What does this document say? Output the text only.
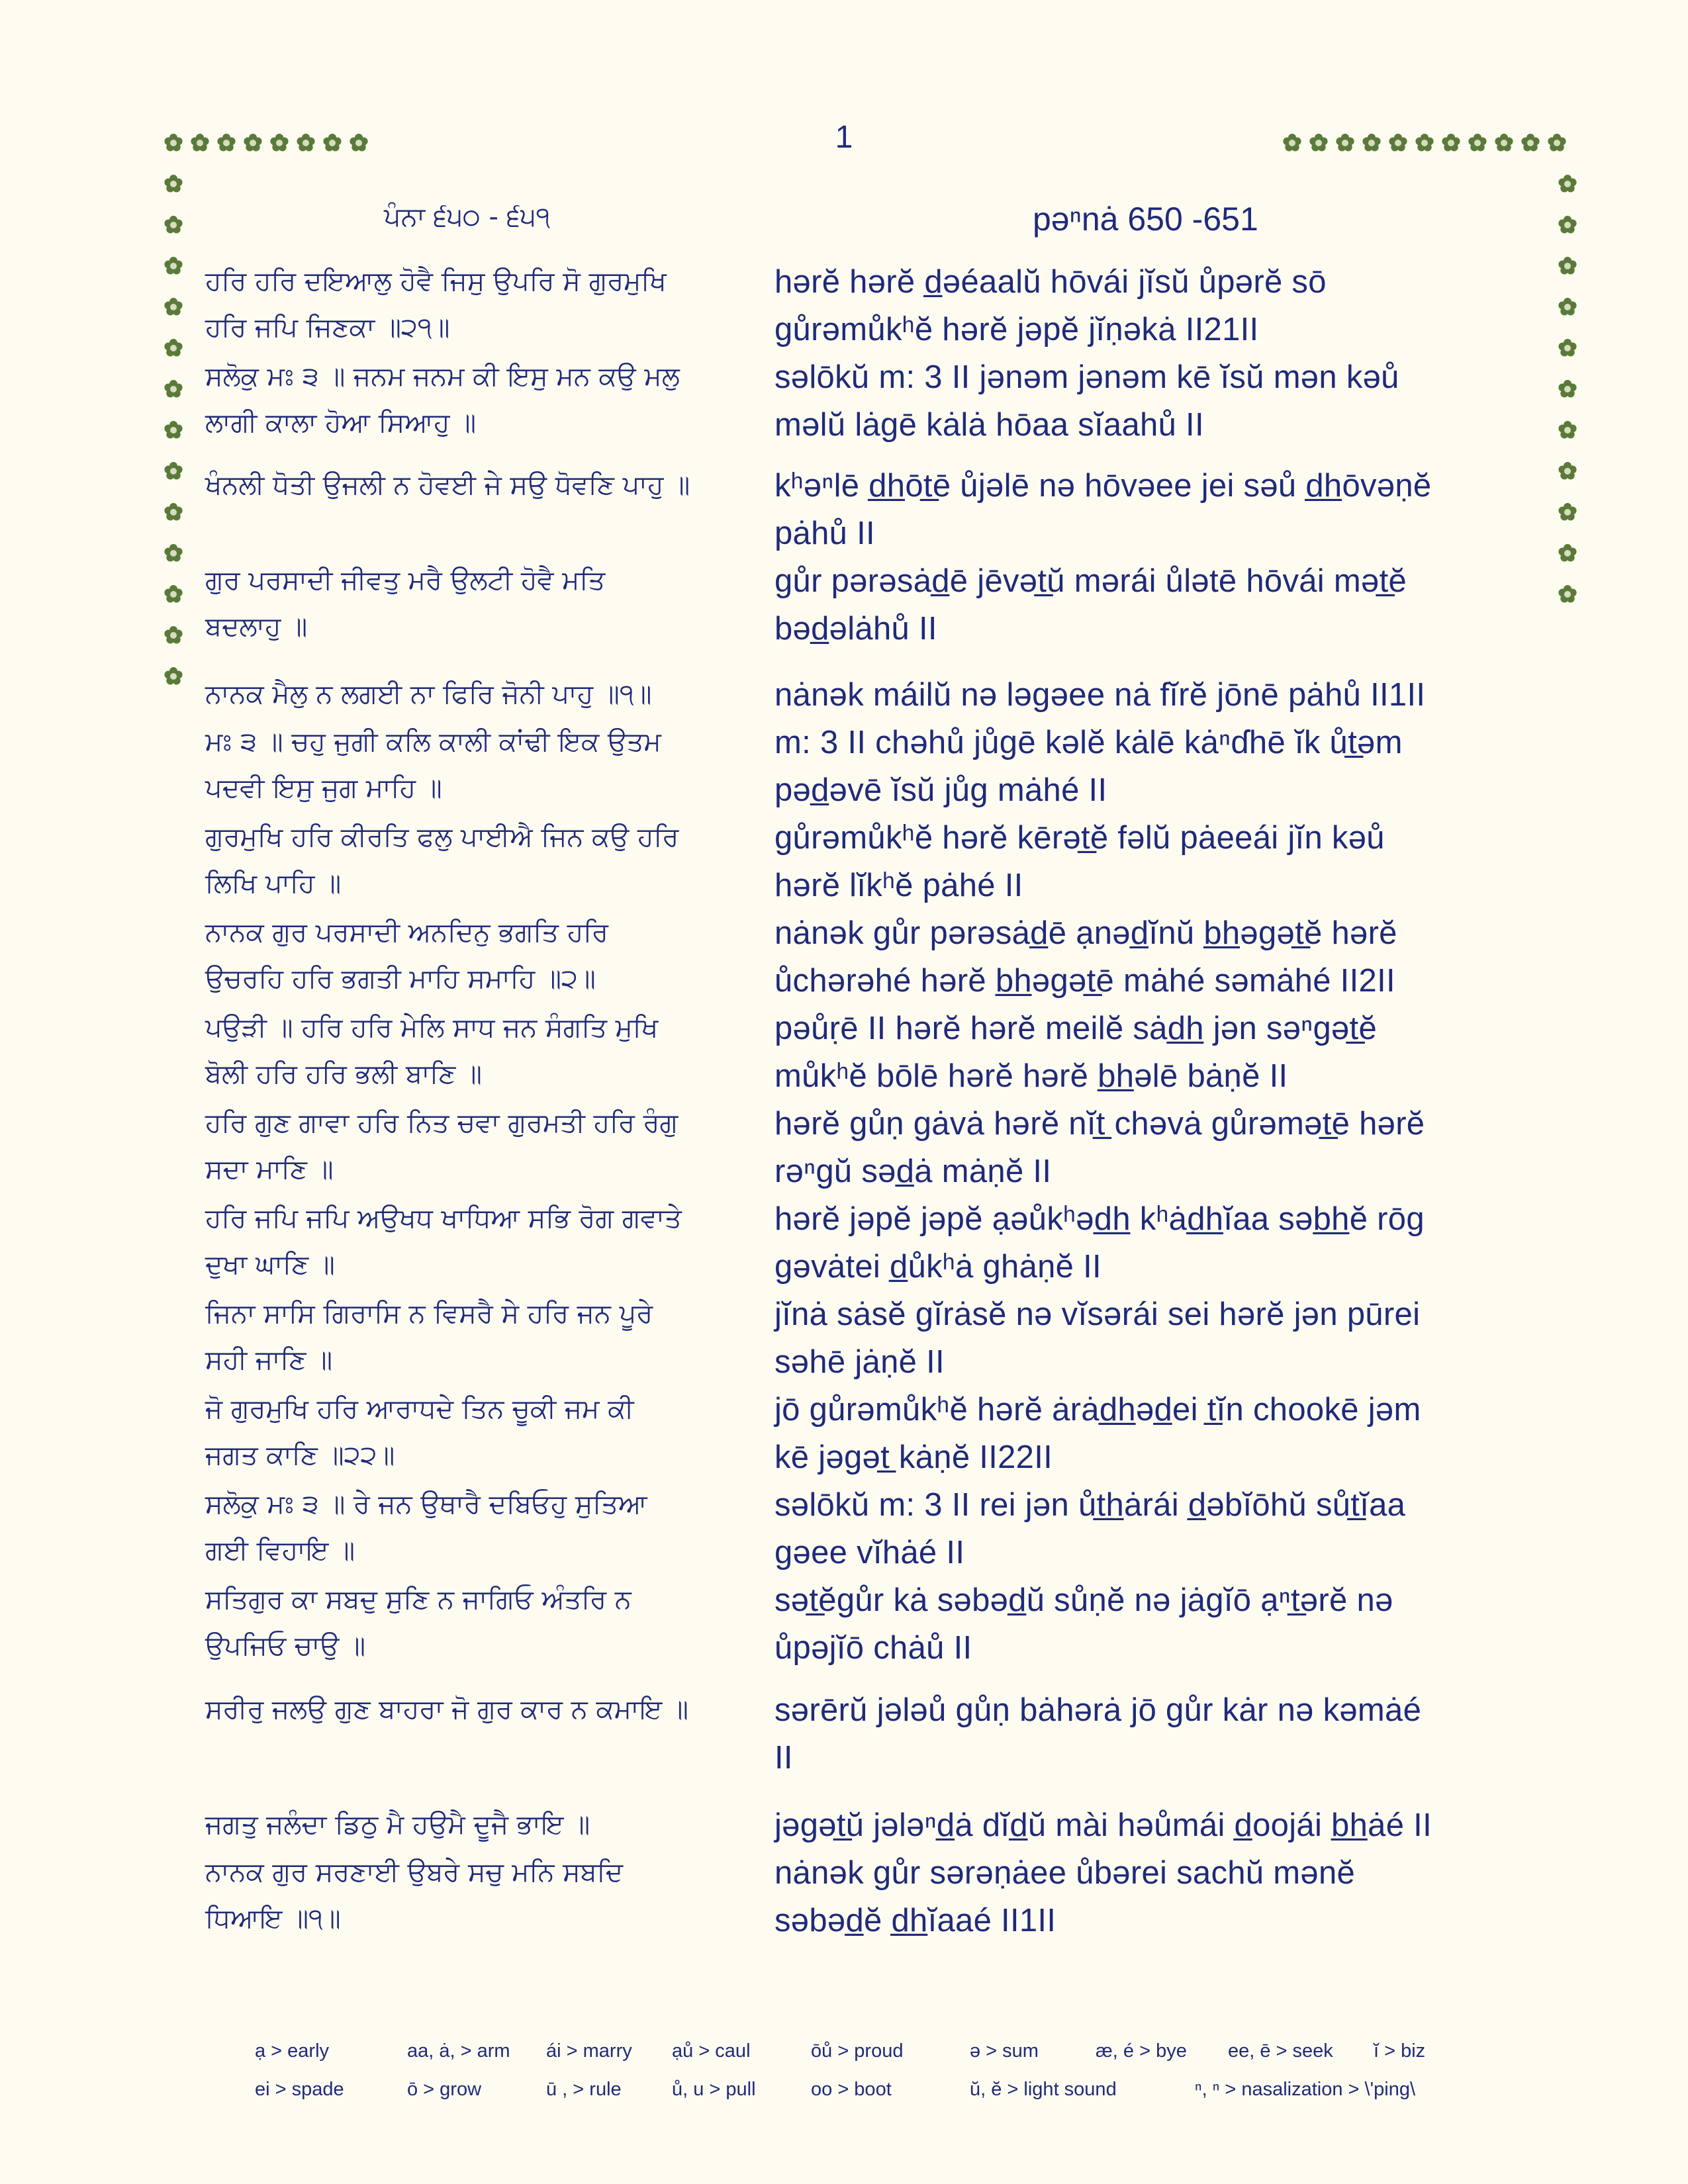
1
ਪੰਨਾ ੬੫੦ - ੬੫੧	pəⁿnȧ 650 -651
ਹਰਿ ਹਰਿ ਦਇਆਲੁ ਹੋਵੈ ਜਿਸੁ ਉਪਰਿ ਸੋ ਗੁਰਮੁਖਿ
ਹਰਿ ਜਪਿ ਜਿਣਕਾ ॥੨੧॥
hərĕ hərĕ d̲əéaalŭ hōvái jĭsŭ ůpərĕ sō
gůrəmůkʰĕ hərĕ jəpĕ jĭṇəkȧ II21II
ਸਲੋਕੁ ਮਃ ੩ ॥ ਜਨਮ ਜਨਮ ਕੀ ਇਸੁ ਮਨ ਕਉ ਮਲੁ
ਲਾਗੀ ਕਾਲਾ ਹੋਆ ਸਿਆਹੁ ॥
səlōkŭ m: 3 II jənəm jənəm kē ĭsŭ mən kəů
məlŭ lȧgē kȧlȧ hōaa sĭaahů II
ਖੰਨਲੀ ਧੋਤੀ ਉਜਲੀ ਨ ਹੋਵਈ ਜੇ ਸਉ ਧੋਵਣਿ ਪਾਹੁ ॥	kʰəⁿlē d̲h̲ōt̲ē ůjəlē nə hōvəee jei səů d̲h̲ōvəṇĕ
pȧhů II
ਗੁਰ ਪਰਸਾਦੀ ਜੀਵਤੁ ਮਰੈ ਉਲਟੀ ਹੋਵੈ ਮਤਿ
ਬਦਲਾਹੁ ॥
gůr pərəsȧd̲ē jēvət̲ŭ mərái ůlətē hōvái mət̲ĕ
bəd̲əlȧhů II
ਨਾਨਕ ਮੈਲੁ ਨ ਲਗਈ ਨਾ ਫਿਰਿ ਜੋਨੀ ਪਾਹੁ ॥੧॥	nȧnək máilŭ nə ləgəee nȧ fĭrĕ jōnē pȧhů II1II
ਮਃ ੩ ॥ ਚਹੁ ਜੁਗੀ ਕਲਿ ਕਾਲੀ ਕਾਂਢੀ ਇਕ ਉਤਮ
ਪਦਵੀ ਇਸੁ ਜੁਗ ਮਾਹਿ ॥
m: 3 II chəhů jůgē kəlĕ kȧlē kȧⁿɗhē ĭk ůt̲əm
pəd̲əvē ĭsŭ jůg mȧhé II
ਗੁਰਮੁਖਿ ਹਰਿ ਕੀਰਤਿ ਫਲੁ ਪਾਈਐ ਜਿਨ ਕਉ ਹਰਿ
ਲਿਖਿ ਪਾਹਿ ॥
gůrəmůkʰĕ hərĕ kērət̲ĕ fəlŭ pȧeeái jĭn kəů
hərĕ lĭkʰĕ pȧhé II
ਨਾਨਕ ਗੁਰ ਪਰਸਾਦੀ ਅਨਦਿਨੁ ਭਗਤਿ ਹਰਿ
ਉਚਰਹਿ ਹਰਿ ਭਗਤੀ ਮਾਹਿ ਸਮਾਹਿ ॥੨॥
nȧnək gůr pərəsȧd̲ē ạnəd̲ĭnŭ b̲h̲əgət̲ĕ hərĕ
ůchərəhé hərĕ b̲h̲əgət̲ē mȧhé səmȧhé II2II
ਪਉੜੀ ॥ ਹਰਿ ਹਰਿ ਮੇਲਿ ਸਾਧ ਜਨ ਸੰਗਤਿ ਮੁਖਿ
ਬੋਲੀ ਹਰਿ ਹਰਿ ਭਲੀ ਬਾਣਿ ॥
pəůṛē II hərĕ hərĕ meilĕ sȧd̲h̲ jən səⁿgət̲ĕ
můkʰĕ bōlē hərĕ hərĕ b̲h̲əlē bȧṇĕ II
ਹਰਿ ਗੁਣ ਗਾਵਾ ਹਰਿ ਨਿਤ ਚਵਾ ਗੁਰਮਤੀ ਹਰਿ ਰੰਗੁ
ਸਦਾ ਮਾਣਿ ॥
hərĕ gůṇ gȧvȧ hərĕ nĭt̲ chəvȧ gůrəmət̲ē hərĕ
rəⁿgŭ səd̲ȧ mȧṇĕ II
ਹਰਿ ਜਪਿ ਜਪਿ ਅਉਖਧ ਖਾਧਿਆ ਸਭਿ ਰੋਗ ਗਵਾਤੇ
ਦੁਖਾ ਘਾਣਿ ॥
hərĕ jəpĕ jəpĕ ạəůkʰəd̲h̲ kʰȧd̲h̲ĭaa səb̲h̲ĕ rōg
gəvȧtei d̲ůkʰȧ ghȧṇĕ II
ਜਿਨਾ ਸਾਸਿ ਗਿਰਾਸਿ ਨ ਵਿਸਰੈ ਸੇ ਹਰਿ ਜਨ ਪੂਰੇ
ਸਹੀ ਜਾਣਿ ॥
jĭnȧ sȧsĕ gĭrȧsĕ nə vĭsərái sei hərĕ jən pūrei
səhē jȧṇĕ II
ਜੋ ਗੁਰਮੁਖਿ ਹਰਿ ਆਰਾਧਦੇ ਤਿਨ ਚੂਕੀ ਜਮ ਕੀ
ਜਗਤ ਕਾਣਿ ॥੨੨॥
jō gůrəmůkʰĕ hərĕ ȧrȧd̲h̲əd̲ei t̲ĭn chookē jəm
kē jəgət̲ kȧṇĕ II22II
ਸਲੋਕੁ ਮਃ ੩ ॥ ਰੇ ਜਨ ਉਥਾਰੈ ਦਬਿਓਹੁ ਸੁਤਿਆ
ਗਈ ਵਿਹਾਇ ॥
səlōkŭ m: 3 II rei jən ůt̲h̲ȧrái d̲əbĭōhŭ sůt̲ĭaa
gəee vĭhȧé II
ਸਤਿਗੁਰ ਕਾ ਸਬਦੁ ਸੁਣਿ ਨ ਜਾਗਿਓ ਅੰਤਰਿ ਨ
ਉਪਜਿਓ ਚਾਉ ॥
sət̲ĕgůr kȧ səbəd̲ŭ sůṇĕ nə jȧgĭō ạⁿt̲ərĕ nə
ůpəjĭō chȧů II
ਸਰੀਰੁ ਜਲਉ ਗੁਣ ਬਾਹਰਾ ਜੋ ਗੁਰ ਕਾਰ ਨ ਕਮਾਇ ॥	sərērŭ jələů gůṇ bȧhərȧ jō gůr kȧr nə kəmȧé
II
ਜਗਤੁ ਜਲੰਦਾ ਡਿਠੁ ਮੈ ਹਉਮੈ ਦੂਜੈ ਭਾਇ ॥	jəgət̲ŭ jələⁿd̲ȧ dĭd̲ŭ mài həůmái d̲oojái b̲h̲ȧé II
ਨਾਨਕ ਗੁਰ ਸਰਣਾਈ ਉਬਰੇ ਸਚੁ ਮਨਿ ਸਬਦਿ
ਧਿਆਇ ॥੧॥
nȧnək gůr sərəṇȧee ůbərei sachŭ mənĕ
səbəd̲ĕ d̲h̲ĭaaé II1II
ạ > early	aa, ȧ, > arm	ái > marry	ạů > caul	ōů > proud	ə > sum	æ, é > bye	ee, ē > seek	ĭ > biz
ei > spade	ō > grow	ū , > rule	ů, u > pull	oo > boot	ŭ, ĕ > light sound	ⁿ, ⁿ > nasalization > \'ping\
